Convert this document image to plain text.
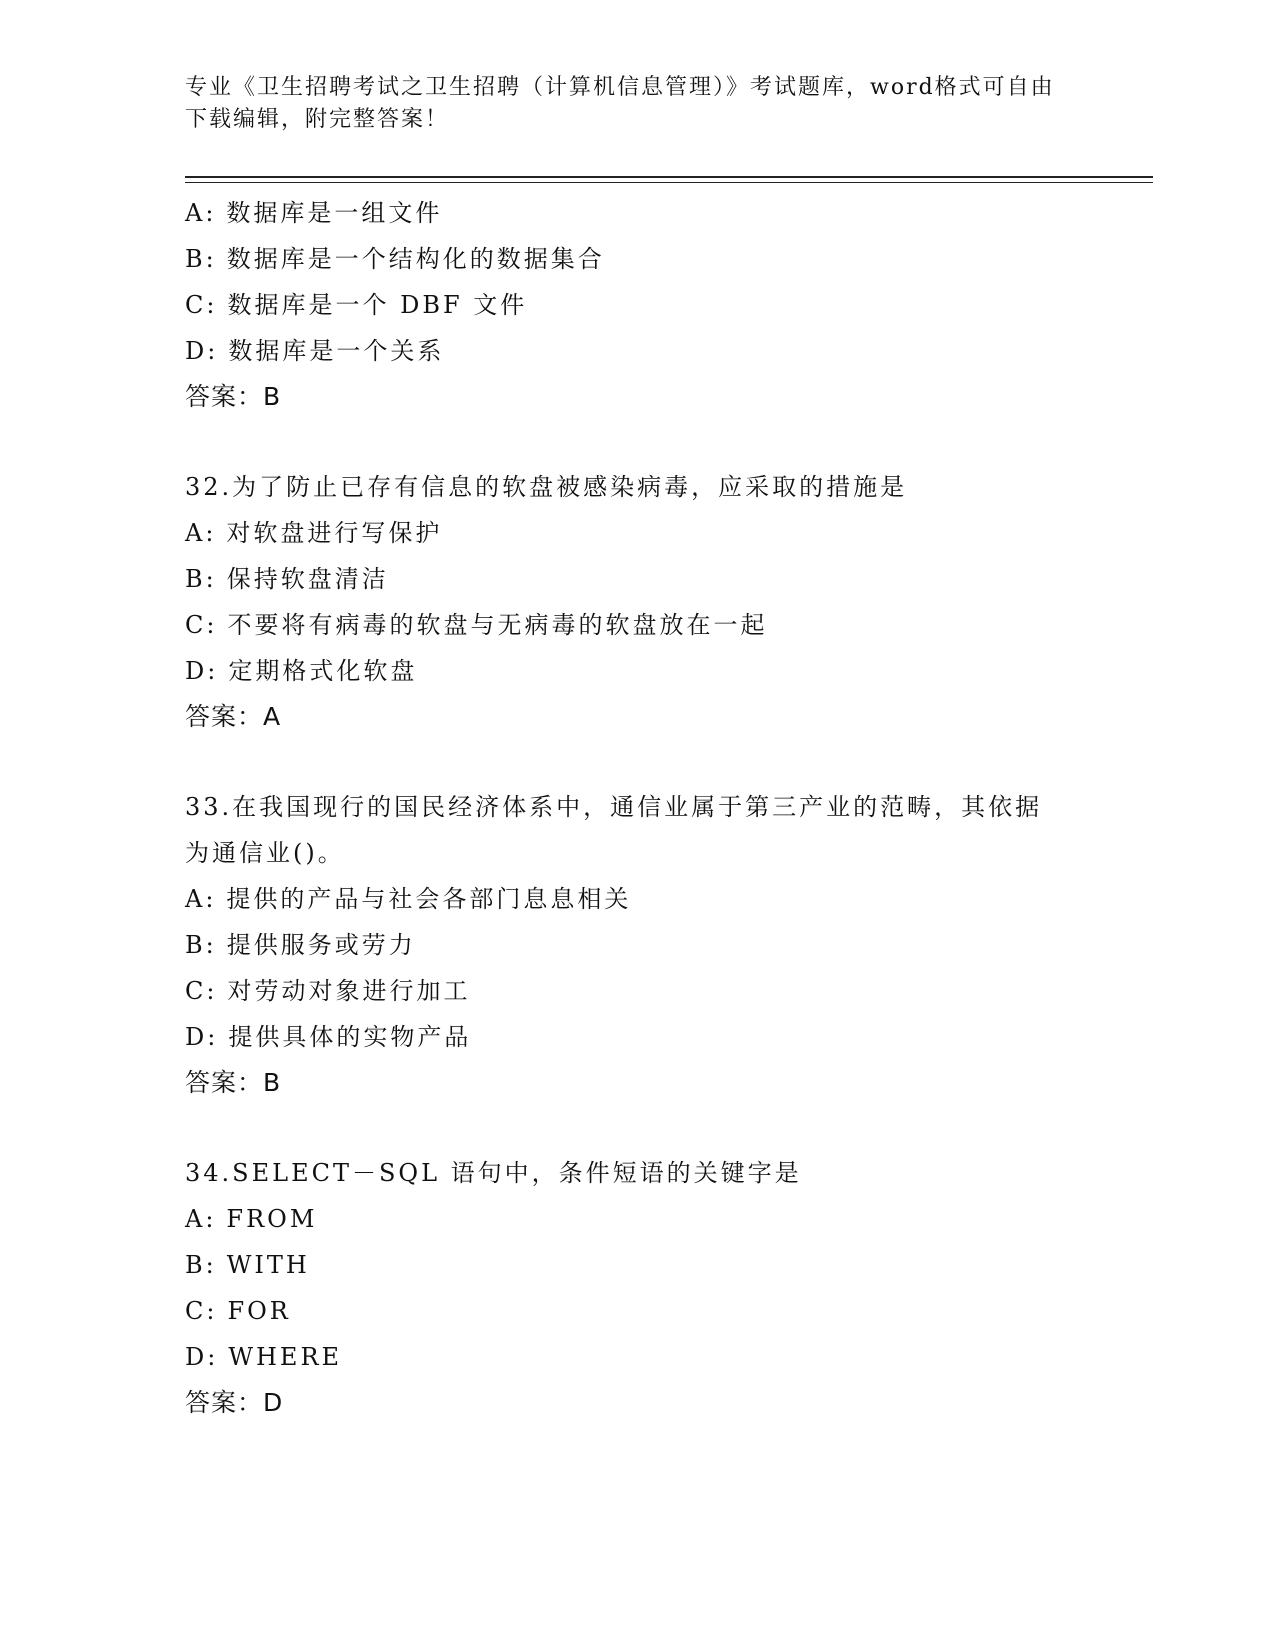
专业《卫生招聘考试之卫生招聘（计算机信息管理）》考试题库，word格式可自由下载编辑，附完整答案！
A: 数据库是一组文件
B: 数据库是一个结构化的数据集合
C: 数据库是一个 DBF 文件
D: 数据库是一个关系
答案：B
32.为了防止已存有信息的软盘被感染病毒，应采取的措施是
A: 对软盘进行写保护
B: 保持软盘清洁
C: 不要将有病毒的软盘与无病毒的软盘放在一起
D: 定期格式化软盘
答案：A
33.在我国现行的国民经济体系中，通信业属于第三产业的范畴，其依据为通信业()。
A: 提供的产品与社会各部门息息相关
B: 提供服务或劳力
C: 对劳动对象进行加工
D: 提供具体的实物产品
答案：B
34.SELECT－SQL 语句中，条件短语的关键字是
A: FROM
B: WITH
C: FOR
D: WHERE
答案：D
